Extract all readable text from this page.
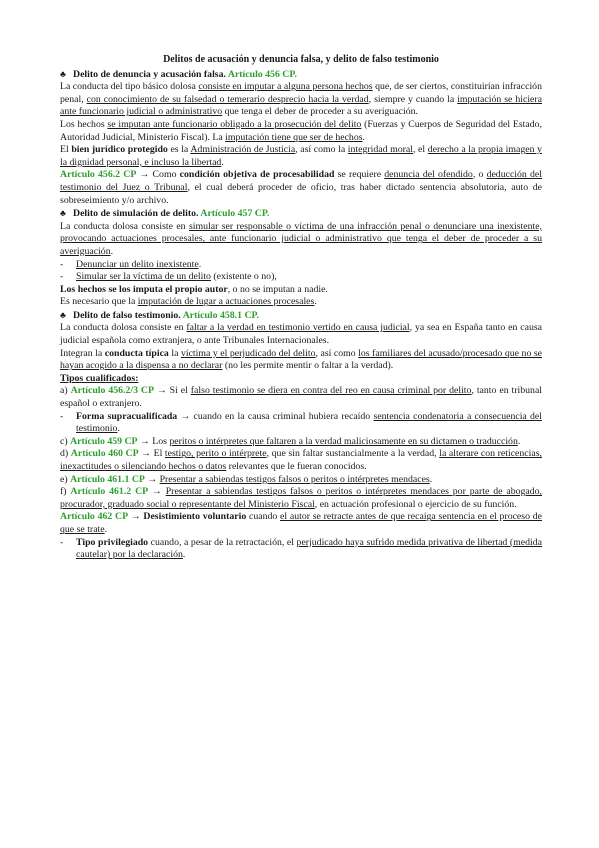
Delitos de acusación y denuncia falsa, y delito de falso testimonio

♣ Delito de denuncia y acusación falsa. Artículo 456 CP.

La conducta del tipo básico dolosa consiste en imputar a alguna persona hechos que, de ser ciertos, constituirían infracción penal, con conocimiento de su falsedad o temerario desprecio hacia la verdad, siempre y cuando la imputación se hiciera ante funcionario judicial o administrativo que tenga el deber de proceder a su averiguación.

Los hechos se imputan ante funcionario obligado a la prosecución del delito (Fuerzas y Cuerpos de Seguridad del Estado, Autoridad Judicial, Ministerio Fiscal). La imputación tiene que ser de hechos.

El bien jurídico protegido es la Administración de Justicia, así como la integridad moral, el derecho a la propia imagen y la dignidad personal, e incluso la libertad.

Artículo 456.2 CP → Como condición objetiva de procesabilidad se requiere denuncia del ofendido, o deducción del testimonio del Juez o Tribunal, el cual deberá proceder de oficio, tras haber dictado sentencia absolutoria, auto de sobreseimiento y/o archivo.

♣ Delito de simulación de delito. Artículo 457 CP.

La conducta dolosa consiste en simular ser responsable o víctima de una infracción penal o denunciare una inexistente, provocando actuaciones procesales, ante funcionario judicial o administrativo que tenga el deber de proceder a su averiguación.

-	Denunciar un delito inexistente.
-	Simular ser la víctima de un delito (existente o no),

Los hechos se los imputa el propio autor, o no se imputan a nadie.

Es necesario que la imputación de lugar a actuaciones procesales.

♣ Delito de falso testimonio. Artículo 458.1 CP.

La conducta dolosa consiste en faltar a la verdad en testimonio vertido en causa judicial, ya sea en España tanto en causa judicial española como extranjera, o ante Tribunales Internacionales.

Integran la conducta típica la víctima y el perjudicado del delito, así como los familiares del acusado/procesado que no se hayan acogido a la dispensa a no declarar (no les permite mentir o faltar a la verdad).

Tipos cualificados:

a) Artículo 456.2/3 CP → Si el falso testimonio se diera en contra del reo en causa criminal por delito, tanto en tribunal español o extranjero.

-	Forma supracualificada → cuando en la causa criminal hubiera recaído sentencia condenatoria a consecuencia del testimonio.

c) Artículo 459 CP → Los peritos o intérpretes que faltaren a la verdad maliciosamente en su dictamen o traducción.

d) Artículo 460 CP → El testigo, perito o intérprete, que sin faltar sustancialmente a la verdad, la alterare con reticencias, inexactitudes o silenciando hechos o datos relevantes que le fueran conocidos.

e) Artículo 461.1 CP → Presentar a sabiendas testigos falsos o peritos o intérpretes mendaces.

f) Artículo 461.2 CP → Presentar a sabiendas testigos falsos o peritos o intérpretes mendaces por parte de abogado, procurador, graduado social o representante del Ministerio Fiscal, en actuación profesional o ejercicio de su función.

Artículo 462 CP → Desistimiento voluntario cuando el autor se retracte antes de que recaiga sentencia en el proceso de que se trate.

-	Tipo privilegiado cuando, a pesar de la retractación, el perjudicado haya sufrido medida privativa de libertad (medida cautelar) por la declaración.
